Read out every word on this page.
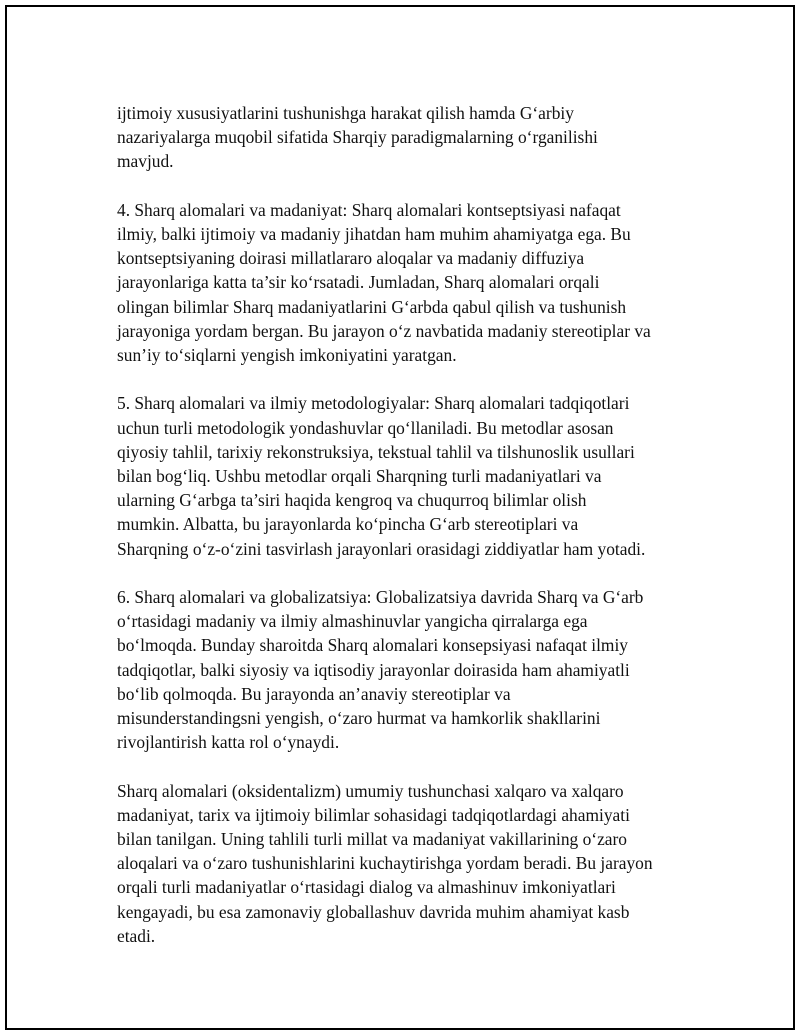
ijtimoiy xususiyatlarini tushunishga harakat qilish hamda G‘arbiy
nazariyalarga muqobil sifatida Sharqiy paradigmalarning o‘rganilishi
mavjud.

4. Sharq alomalari va madaniyat: Sharq alomalari kontseptsiyasi nafaqat
ilmiy, balki ijtimoiy va madaniy jihatdan ham muhim ahamiyatga ega. Bu
kontseptsiyaning doirasi millatlararo aloqalar va madaniy diffuziya
jarayonlariga katta ta’sir ko‘rsatadi. Jumladan, Sharq alomalari orqali
olingan bilimlar Sharq madaniyatlarini G‘arbda qabul qilish va tushunish
jarayoniga yordam bergan. Bu jarayon o‘z navbatida madaniy stereotiplar va
sun’iy to‘siqlarni yengish imkoniyatini yaratgan.

5. Sharq alomalari va ilmiy metodologiyalar: Sharq alomalari tadqiqotlari
uchun turli metodologik yondashuvlar qo‘llaniladi. Bu metodlar asosan
qiyosiy tahlil, tarixiy rekonstruksiya, tekstual tahlil va tilshunoslik usullari
bilan bog‘liq. Ushbu metodlar orqali Sharqning turli madaniyatlari va
ularning G‘arbga ta’siri haqida kengroq va chuqurroq bilimlar olish
mumkin. Albatta, bu jarayonlarda ko‘pincha G‘arb stereotiplari va
Sharqning o‘z-o‘zini tasvirlash jarayonlari orasidagi ziddiyatlar ham yotadi.

6. Sharq alomalari va globalizatsiya: Globalizatsiya davrida Sharq va G‘arb
o‘rtasidagi madaniy va ilmiy almashinuvlar yangicha qirralarga ega
bo‘lmoqda. Bunday sharoitda Sharq alomalari konsepsiyasi nafaqat ilmiy
tadqiqotlar, balki siyosiy va iqtisodiy jarayonlar doirasida ham ahamiyatli
bo‘lib qolmoqda. Bu jarayonda an’anaviy stereotiplar va
misunderstandingsni yengish, o‘zaro hurmat va hamkorlik shakllarini
rivojlantirish katta rol o‘ynaydi.

Sharq alomalari (oksidentalizm) umumiy tushunchasi xalqaro va xalqaro
madaniyat, tarix va ijtimoiy bilimlar sohasidagi tadqiqotlardagi ahamiyati
bilan tanilgan. Uning tahlili turli millat va madaniyat vakillarining o‘zaro
aloqalari va o‘zaro tushunishlarini kuchaytirishga yordam beradi. Bu jarayon
orqali turli madaniyatlar o‘rtasidagi dialog va almashinuv imkoniyatlari
kengayadi, bu esa zamonaviy globallashuv davrida muhim ahamiyat kasb
etadi.
